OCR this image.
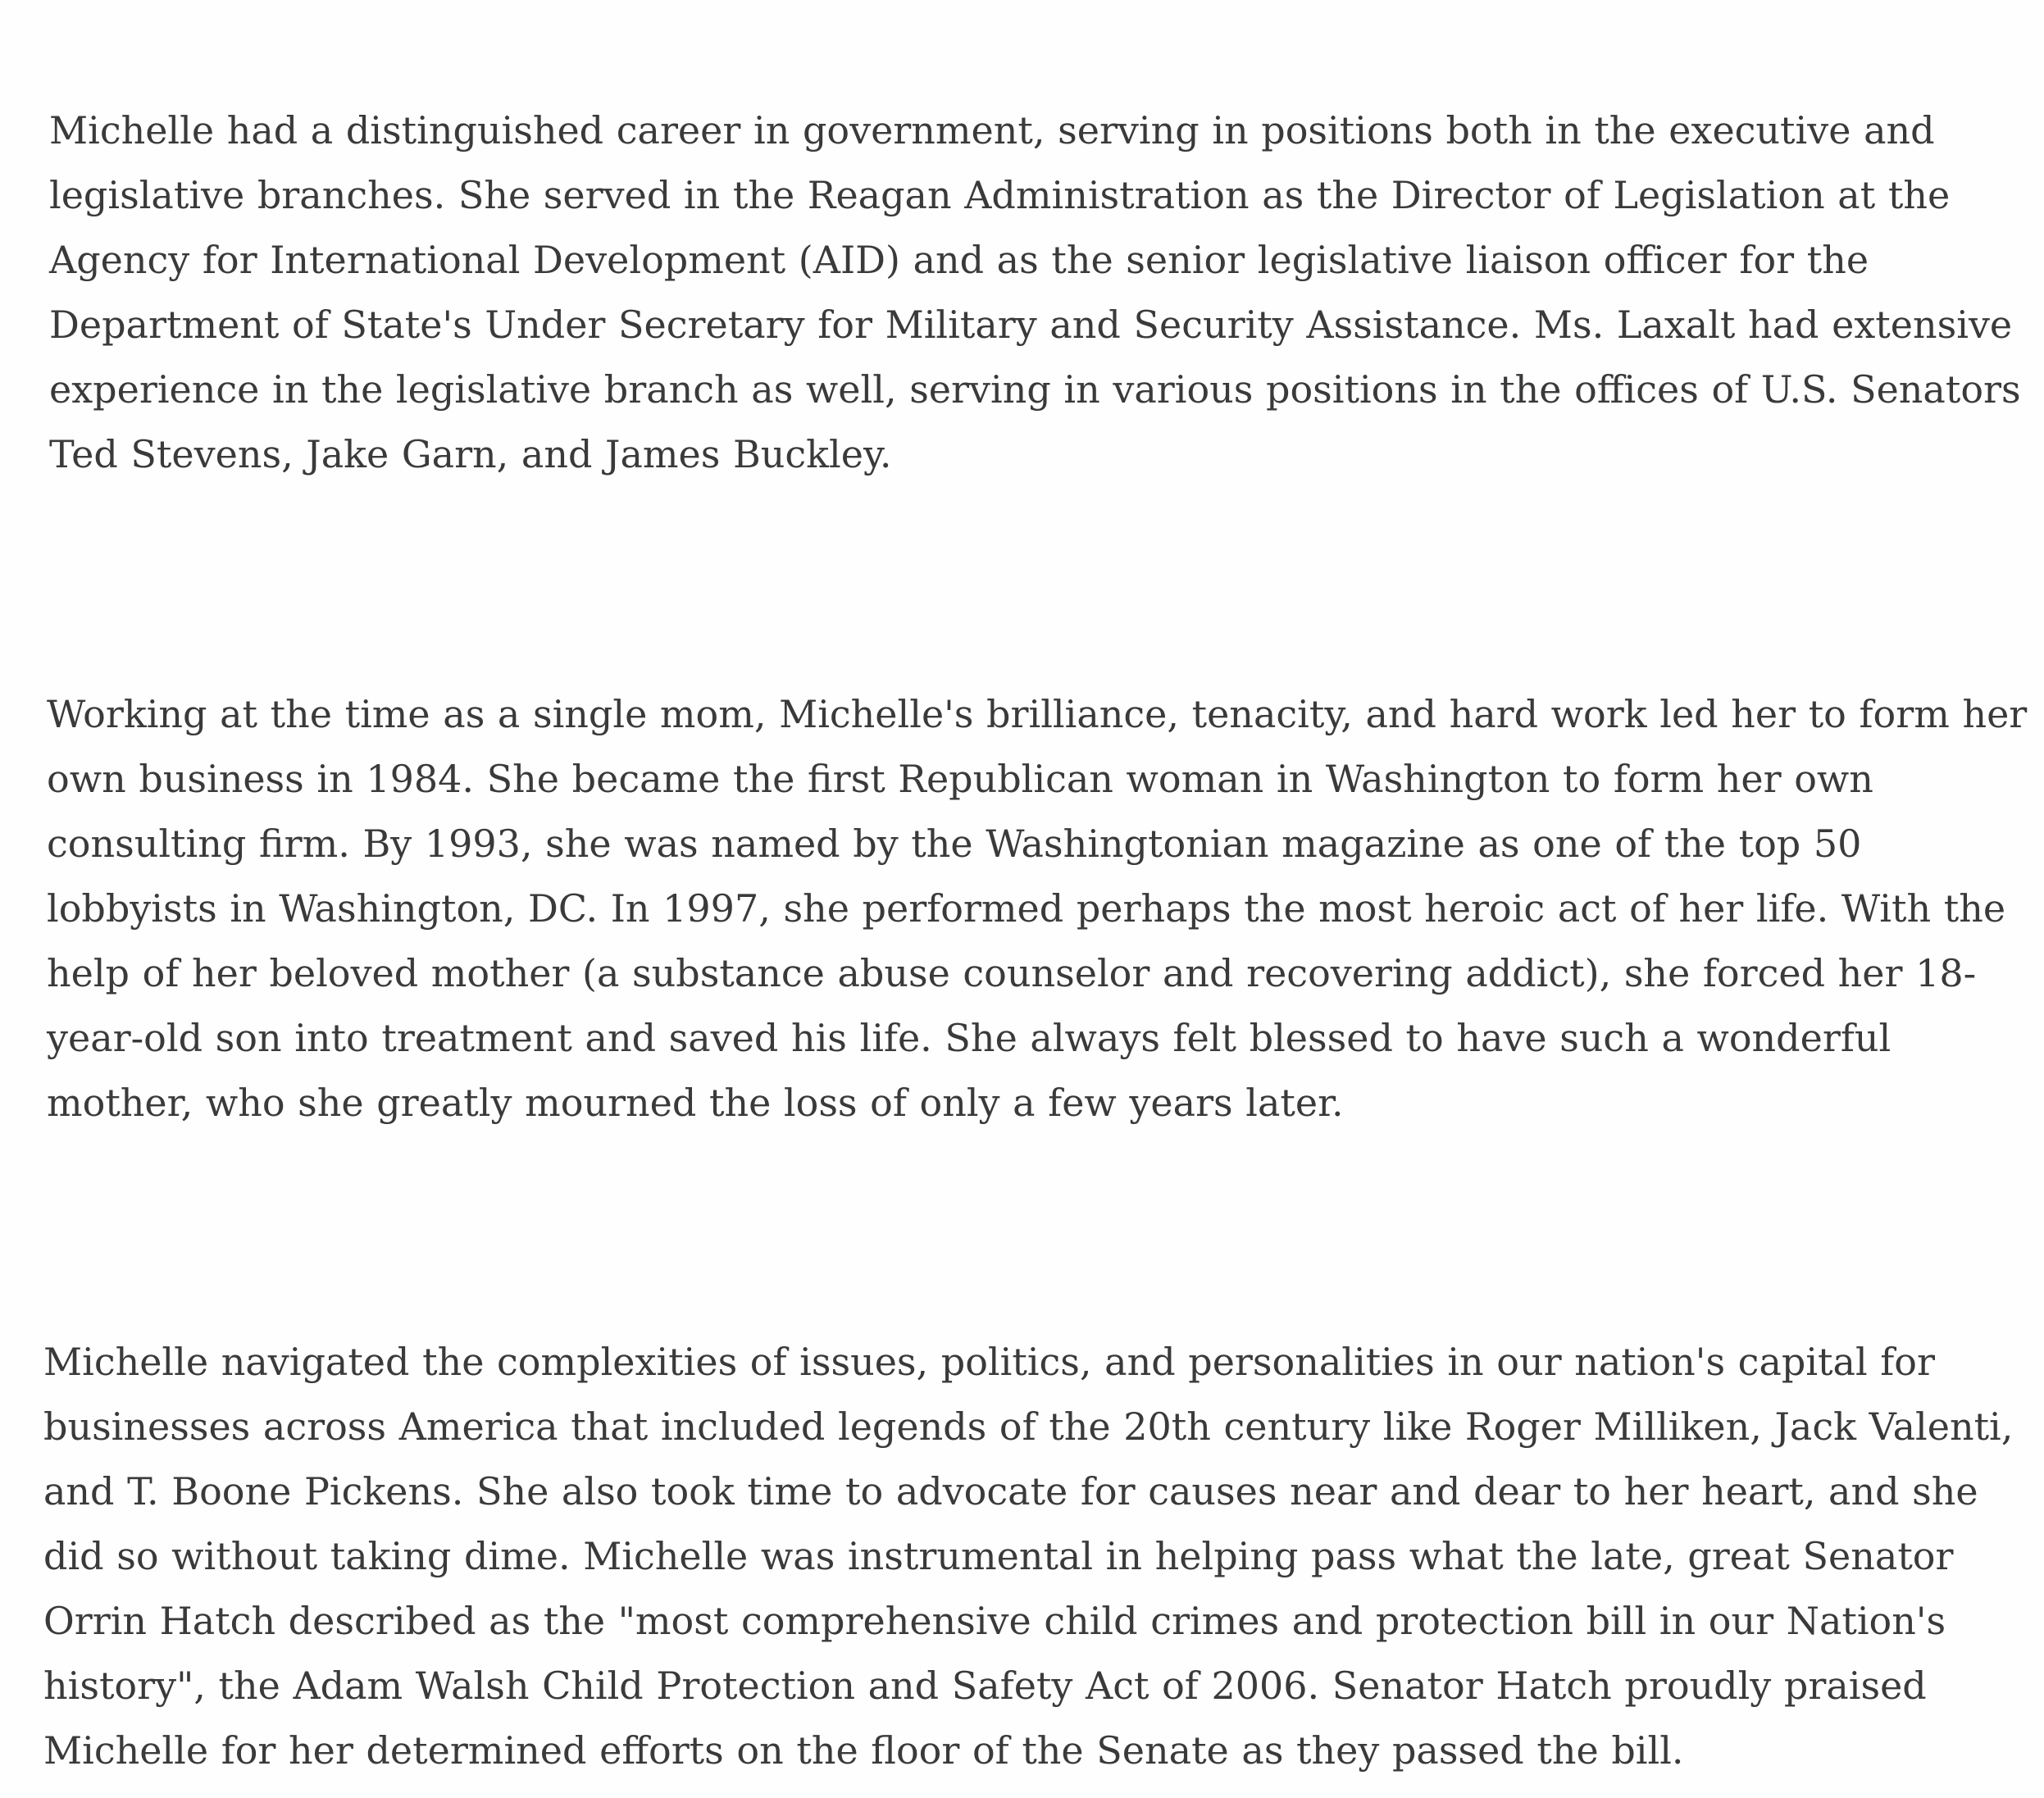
Michelle had a distinguished career in government, serving in positions both in the executive and legislative branches. She served in the Reagan Administration as the Director of Legislation at the Agency for International Development (AID) and as the senior legislative liaison officer for the Department of State's Under Secretary for Military and Security Assistance. Ms. Laxalt had extensive experience in the legislative branch as well, serving in various positions in the offices of U.S. Senators Ted Stevens, Jake Garn, and James Buckley.

Working at the time as a single mom, Michelle's brilliance, tenacity, and hard work led her to form her own business in 1984. She became the first Republican woman in Washington to form her own consulting firm. By 1993, she was named by the Washingtonian magazine as one of the top 50 lobbyists in Washington, DC. In 1997, she performed perhaps the most heroic act of her life. With the help of her beloved mother (a substance abuse counselor and recovering addict), she forced her 18-year-old son into treatment and saved his life. She always felt blessed to have such a wonderful mother, who she greatly mourned the loss of only a few years later.

Michelle navigated the complexities of issues, politics, and personalities in our nation's capital for businesses across America that included legends of the 20th century like Roger Milliken, Jack Valenti, and T. Boone Pickens. She also took time to advocate for causes near and dear to her heart, and she did so without taking dime. Michelle was instrumental in helping pass what the late, great Senator Orrin Hatch described as the "most comprehensive child crimes and protection bill in our Nation's history", the Adam Walsh Child Protection and Safety Act of 2006. Senator Hatch proudly praised Michelle for her determined efforts on the floor of the Senate as they passed the bill.
